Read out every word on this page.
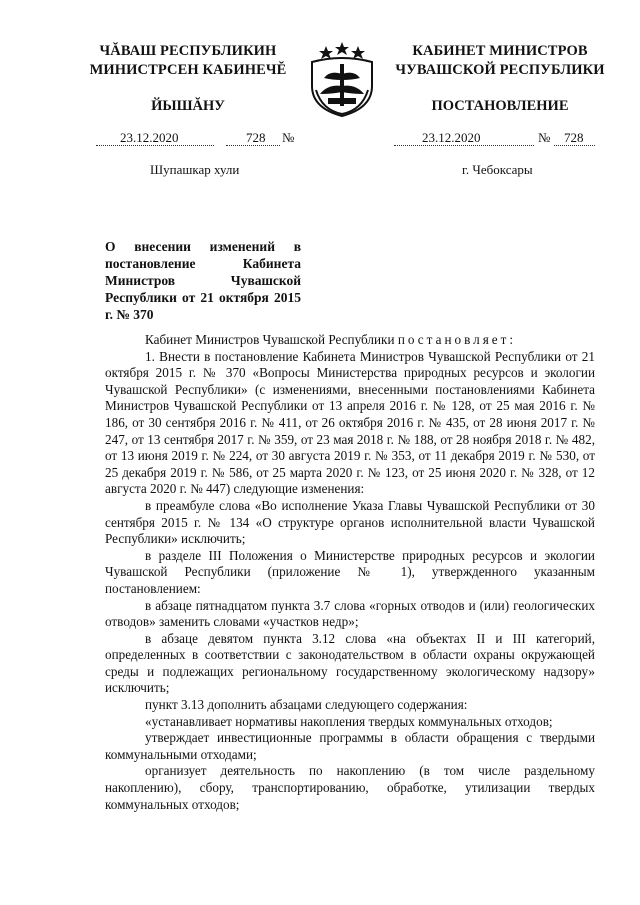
ЧĂВАШ РЕСПУБЛИКИН
МИНИСТРСЕН КАБИНЕЧĔ
ЙЫШĂНУ
КАБИНЕТ МИНИСТРОВ
ЧУВАШСКОЙ РЕСПУБЛИКИ
ПОСТАНОВЛЕНИЕ
23.12.2020	728 №	23.12.2020	№ 728
Шупашкар хули	г. Чебоксары
О внесении изменений в постановление Кабинета Министров Чувашской Республики от 21 октября 2015 г. № 370

Кабинет Министров Чувашской Республики постановляет:

1. Внести в постановление Кабинета Министров Чувашской Республики от 21 октября 2015 г. № 370 «Вопросы Министерства природных ресурсов и экологии Чувашской Республики» (с изменениями, внесенными постановлениями Кабинета Министров Чувашской Республики от 13 апреля 2016 г. № 128, от 25 мая 2016 г. № 186, от 30 сентября 2016 г. № 411, от 26 октября 2016 г. № 435, от 28 июня 2017 г. № 247, от 13 сентября 2017 г. № 359, от 23 мая 2018 г. № 188, от 28 ноября 2018 г. № 482, от 13 июня 2019 г. № 224, от 30 августа 2019 г. № 353, от 11 декабря 2019 г. № 530, от 25 декабря 2019 г. № 586, от 25 марта 2020 г. № 123, от 25 июня 2020 г. № 328, от 12 августа 2020 г. № 447) следующие изменения:

в преамбуле слова «Во исполнение Указа Главы Чувашской Республики от 30 сентября 2015 г. № 134 «О структуре органов исполнительной власти Чувашской Республики» исключить;

в разделе III Положения о Министерстве природных ресурсов и экологии Чувашской Республики (приложение № 1), утвержденного указанным постановлением:

в абзаце пятнадцатом пункта 3.7 слова «горных отводов и (или) геологических отводов» заменить словами «участков недр»;

в абзаце девятом пункта 3.12 слова «на объектах II и III категорий, определенных в соответствии с законодательством в области охраны окружающей среды и подлежащих региональному государственному экологическому надзору» исключить;

пункт 3.13 дополнить абзацами следующего содержания:

«устанавливает нормативы накопления твердых коммунальных отходов;

утверждает инвестиционные программы в области обращения с твердыми коммунальными отходами;

организует деятельность по накоплению (в том числе раздельному накоплению), сбору, транспортированию, обработке, утилизации твердых коммунальных отходов;
